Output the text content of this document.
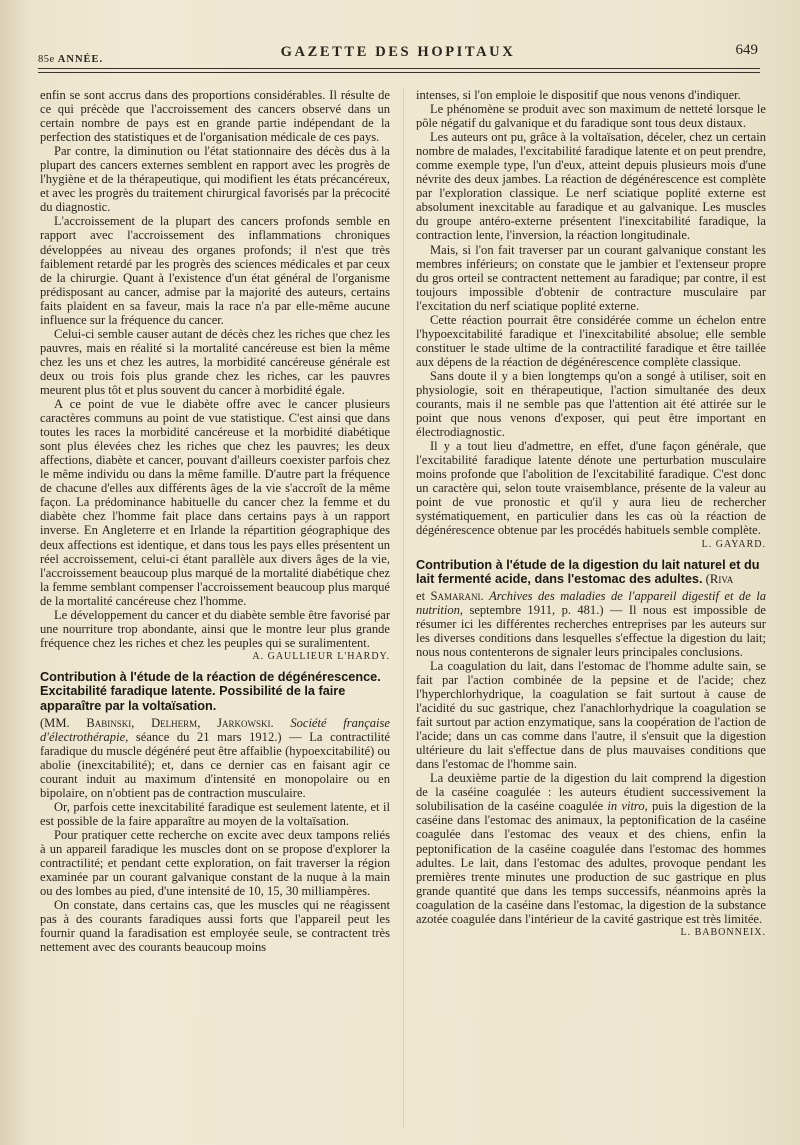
85e ANNÉE.	GAZETTE DES HOPITAUX	649

enfin se sont accrus dans des proportions considérables. Il résulte de ce qui précède que l'accroissement des cancers observé dans un certain nombre de pays est en grande partie indépendant de la perfection des statistiques et de l'organisation médicale de ces pays.

Par contre, la diminution ou l'état stationnaire des décès dus à la plupart des cancers externes semblent en rapport avec les progrès de l'hygiène et de la thérapeutique, qui modifient les états précancéreux, et avec les progrès du traitement chirurgical favorisés par la précocité du diagnostic.

L'accroissement de la plupart des cancers profonds semble en rapport avec l'accroissement des inflammations chroniques développées au niveau des organes profonds; il n'est que très faiblement retardé par les progrès des sciences médicales et par ceux de la chirurgie. Quant à l'existence d'un état général de l'organisme prédisposant au cancer, admise par la majorité des auteurs, certains faits plaident en sa faveur, mais la race n'a par elle-même aucune influence sur la fréquence du cancer.

Celui-ci semble causer autant de décès chez les riches que chez les pauvres, mais en réalité si la mortalité cancéreuse est bien la même chez les uns et chez les autres, la morbidité cancéreuse générale est deux ou trois fois plus grande chez les riches, car les pauvres meurent plus tôt et plus souvent du cancer à morbidité égale.

A ce point de vue le diabète offre avec le cancer plusieurs caractères communs au point de vue statistique. C'est ainsi que dans toutes les races la morbidité cancéreuse et la morbidité diabétique sont plus élevées chez les riches que chez les pauvres; les deux affections, diabète et cancer, pouvant d'ailleurs coexister parfois chez le même individu ou dans la même famille. D'autre part la fréquence de chacune d'elles aux différents âges de la vie s'accroît de la même façon. La prédominance habituelle du cancer chez la femme et du diabète chez l'homme fait place dans certains pays à un rapport inverse. En Angleterre et en Irlande la répartition géographique des deux affections est identique, et dans tous les pays elles présentent un réel accroissement, celui-ci étant parallèle aux divers âges de la vie, l'accroissement beaucoup plus marqué de la mortalité diabétique chez la femme semblant compenser l'accroissement beaucoup plus marqué de la mortalité cancéreuse chez l'homme.

Le développement du cancer et du diabète semble être favorisé par une nourriture trop abondante, ainsi que le montre leur plus grande fréquence chez les riches et chez les peuples qui se suralimentent.
A. GAULLIEUR L'HARDY.

Contribution à l'étude de la réaction de dégénérescence. Excitabilité faradique latente. Possibilité de la faire apparaître par la voltaïsation.

(MM. Babinski, Delherm, Jarkowski. Société française d'électrothérapie, séance du 21 mars 1912.) — La contractilité faradique du muscle dégénéré peut être affaiblie (hypoexcitabilité) ou abolie (inexcitabilité); et, dans ce dernier cas en faisant agir ce courant induit au maximum d'intensité en monopolaire ou en bipolaire, on n'obtient pas de contraction musculaire.

Or, parfois cette inexcitabilité faradique est seulement latente, et il est possible de la faire apparaître au moyen de la voltaïsation.

Pour pratiquer cette recherche on excite avec deux tampons reliés à un appareil faradique les muscles dont on se propose d'explorer la contractilité; et pendant cette exploration, on fait traverser la région examinée par un courant galvanique constant de la nuque à la main ou des lombes au pied, d'une intensité de 10, 15, 30 milliampères.

On constate, dans certains cas, que les muscles qui ne réagissent pas à des courants faradiques aussi forts que l'appareil peut les fournir quand la faradisation est employée seule, se contractent très nettement avec des courants beaucoup moins

intenses, si l'on emploie le dispositif que nous venons d'indiquer.

Le phénomène se produit avec son maximum de netteté lorsque le pôle négatif du galvanique et du faradique sont tous deux distaux.

Les auteurs ont pu, grâce à la voltaïsation, déceler, chez un certain nombre de malades, l'excitabilité faradique latente et on peut prendre, comme exemple type, l'un d'eux, atteint depuis plusieurs mois d'une névrite des deux jambes. La réaction de dégénérescence est complète par l'exploration classique. Le nerf sciatique poplité externe est absolument inexcitable au faradique et au galvanique. Les muscles du groupe antéro-externe présentent l'inexcitabilité faradique, la contraction lente, l'inversion, la réaction longitudinale.

Mais, si l'on fait traverser par un courant galvanique constant les membres inférieurs; on constate que le jambier et l'extenseur propre du gros orteil se contractent nettement au faradique; par contre, il est toujours impossible d'obtenir de contracture musculaire par l'excitation du nerf sciatique poplité externe.

Cette réaction pourrait être considérée comme un échelon entre l'hypoexcitabilité faradique et l'inexcitabilité absolue; elle semble constituer le stade ultime de la contractilité faradique et être taillée aux dépens de la réaction de dégénérescence complète classique.

Sans doute il y a bien longtemps qu'on a songé à utiliser, soit en physiologie, soit en thérapeutique, l'action simultanée des deux courants, mais il ne semble pas que l'attention ait été attirée sur le point que nous venons d'exposer, qui peut être important en électrodiagnostic.

Il y a tout lieu d'admettre, en effet, d'une façon générale, que l'excitabilité faradique latente dénote une perturbation musculaire moins profonde que l'abolition de l'excitabilité faradique. C'est donc un caractère qui, selon toute vraisemblance, présente de la valeur au point de vue pronostic et qu'il y aura lieu de rechercher systématiquement, en particulier dans les cas où la réaction de dégénérescence obtenue par les procédés habituels semble complète.
L. GAYARD.

Contribution à l'étude de la digestion du lait naturel et du lait fermenté acide, dans l'estomac des adultes. (Riva

et Samarani. Archives des maladies de l'appareil digestif et de la nutrition, septembre 1911, p. 481.) — Il nous est impossible de résumer ici les différentes recherches entreprises par les auteurs sur les diverses conditions dans lesquelles s'effectue la digestion du lait; nous nous contenterons de signaler leurs principales conclusions.

La coagulation du lait, dans l'estomac de l'homme adulte sain, se fait par l'action combinée de la pepsine et de l'acide; chez l'hyperchlorhydrique, la coagulation se fait surtout à cause de l'acidité du suc gastrique, chez l'anachlorhydrique la coagulation se fait surtout par action enzymatique, sans la coopération de l'action de l'acide; dans un cas comme dans l'autre, il s'ensuit que la digestion ultérieure du lait s'effectue dans de plus mauvaises conditions que dans l'estomac de l'homme sain.

La deuxième partie de la digestion du lait comprend la digestion de la caséine coagulée : les auteurs étudient successivement la solubilisation de la caséine coagulée in vitro, puis la digestion de la caséine dans l'estomac des animaux, la peptonification de la caséine coagulée dans l'estomac des veaux et des chiens, enfin la peptonification de la caséine coagulée dans l'estomac des hommes adultes. Le lait, dans l'estomac des adultes, provoque pendant les premières trente minutes une production de suc gastrique en plus grande quantité que dans les temps successifs, néanmoins après la coagulation de la caséine dans l'estomac, la digestion de la substance azotée coagulée dans l'intérieur de la cavité gastrique est très limitée.

L. BABONNEIX.
